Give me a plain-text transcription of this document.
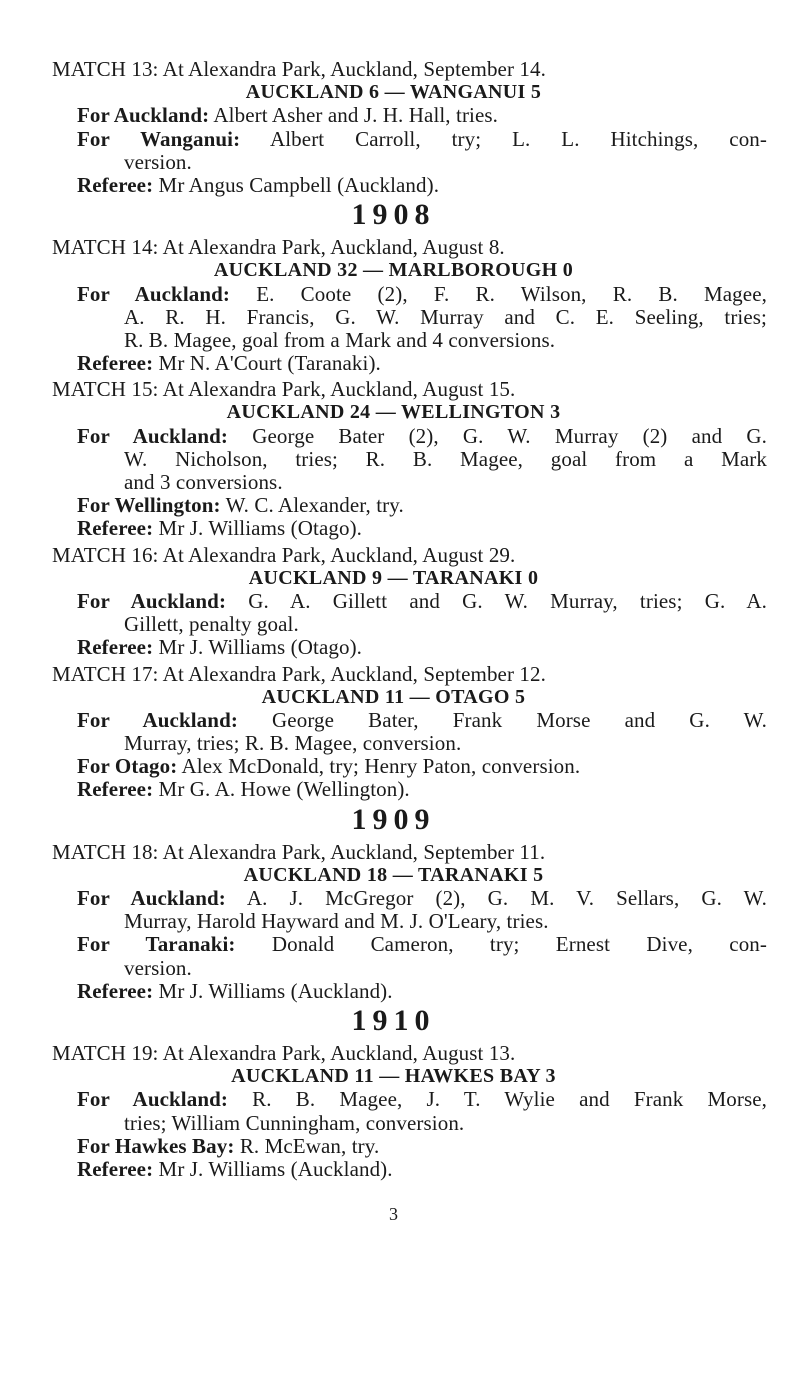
MATCH 13: At Alexandra Park, Auckland, September 14.
AUCKLAND 6 — WANGANUI 5
For Auckland: Albert Asher and J. H. Hall, tries.
For Wanganui: Albert Carroll, try; L. L. Hitchings, con-
version.
Referee: Mr Angus Campbell (Auckland).
1908
MATCH 14: At Alexandra Park, Auckland, August 8.
AUCKLAND 32 — MARLBOROUGH 0
For Auckland: E. Coote (2), F. R. Wilson, R. B. Magee,
A. R. H. Francis, G. W. Murray and C. E. Seeling, tries;
R. B. Magee, goal from a Mark and 4 conversions.
Referee: Mr N. A'Court (Taranaki).
MATCH 15: At Alexandra Park, Auckland, August 15.
AUCKLAND 24 — WELLINGTON 3
For Auckland: George Bater (2), G. W. Murray (2) and G.
W. Nicholson, tries; R. B. Magee, goal from a Mark
and 3 conversions.
For Wellington: W. C. Alexander, try.
Referee: Mr J. Williams (Otago).
MATCH 16: At Alexandra Park, Auckland, August 29.
AUCKLAND 9 — TARANAKI 0
For Auckland: G. A. Gillett and G. W. Murray, tries; G. A.
Gillett, penalty goal.
Referee: Mr J. Williams (Otago).
MATCH 17: At Alexandra Park, Auckland, September 12.
AUCKLAND 11 — OTAGO 5
For Auckland: George Bater, Frank Morse and G. W.
Murray, tries; R. B. Magee, conversion.
For Otago: Alex McDonald, try; Henry Paton, conversion.
Referee: Mr G. A. Howe (Wellington).
1909
MATCH 18: At Alexandra Park, Auckland, September 11.
AUCKLAND 18 — TARANAKI 5
For Auckland: A. J. McGregor (2), G. M. V. Sellars, G. W.
Murray, Harold Hayward and M. J. O'Leary, tries.
For Taranaki: Donald Cameron, try; Ernest Dive, con-
version.
Referee: Mr J. Williams (Auckland).
1910
MATCH 19: At Alexandra Park, Auckland, August 13.
AUCKLAND 11 — HAWKES BAY 3
For Auckland: R. B. Magee, J. T. Wylie and Frank Morse,
tries; William Cunningham, conversion.
For Hawkes Bay: R. McEwan, try.
Referee: Mr J. Williams (Auckland).
3
